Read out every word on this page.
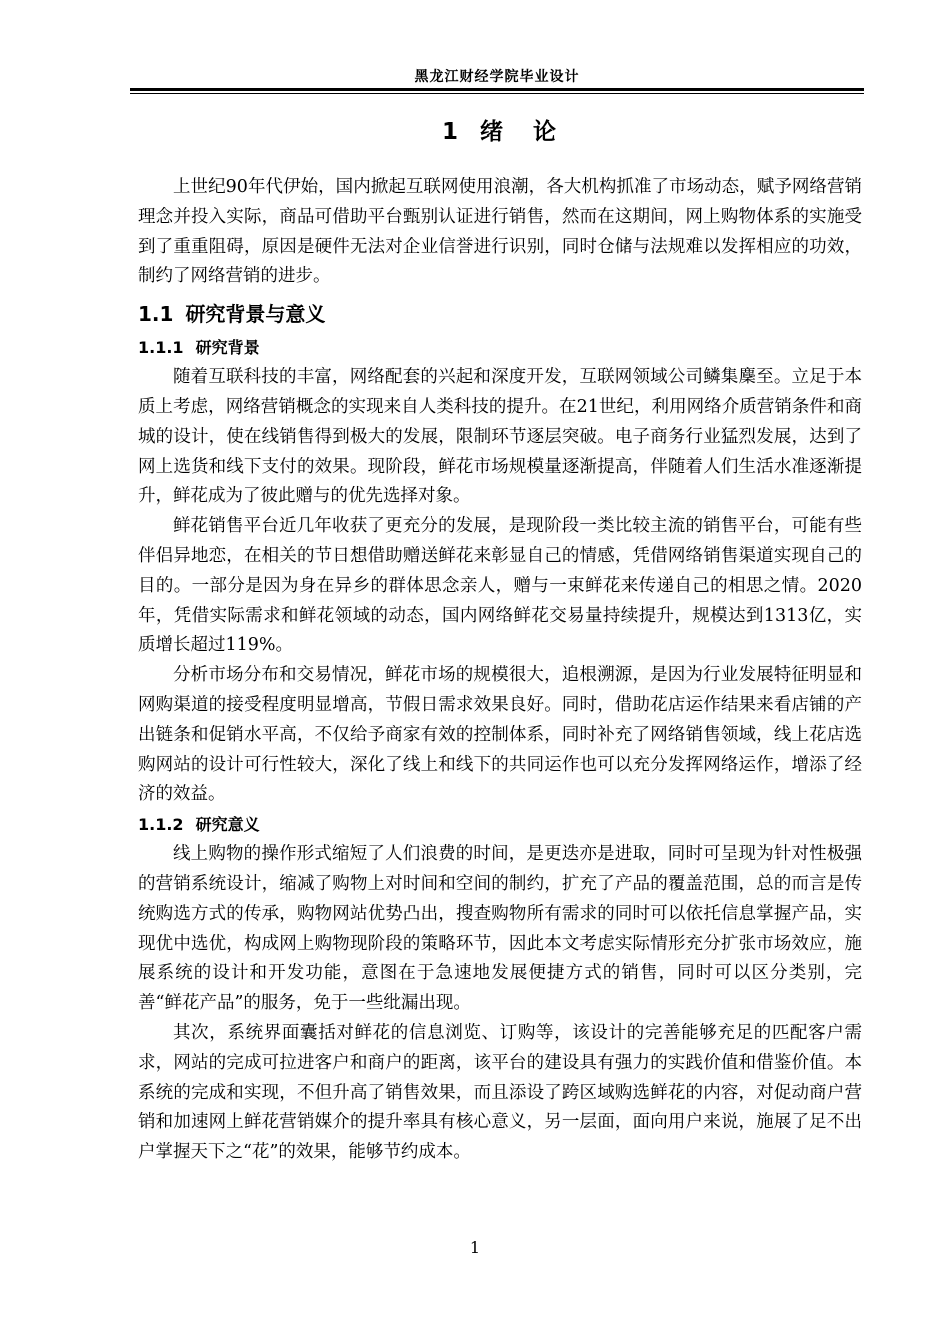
黑龙江财经学院毕业设计
1 绪 论

上世纪90年代伊始，国内掀起互联网使用浪潮，各大机构抓准了市场动态，赋予网络营销理念并投入实际，商品可借助平台甄别认证进行销售，然而在这期间，网上购物体系的实施受到了重重阻碍，原因是硬件无法对企业信誉进行识别，同时仓储与法规难以发挥相应的功效，制约了网络营销的进步。

1.1 研究背景与意义
1.1.1 研究背景

随着互联科技的丰富，网络配套的兴起和深度开发，互联网领域公司鳞集麇至。立足于本质上考虑，网络营销概念的实现来自人类科技的提升。在21世纪，利用网络介质营销条件和商城的设计，使在线销售得到极大的发展，限制环节逐层突破。电子商务行业猛烈发展，达到了网上选货和线下支付的效果。现阶段，鲜花市场规模量逐渐提高，伴随着人们生活水准逐渐提升，鲜花成为了彼此赠与的优先选择对象。

鲜花销售平台近几年收获了更充分的发展，是现阶段一类比较主流的销售平台，可能有些伴侣异地恋，在相关的节日想借助赠送鲜花来彰显自己的情感，凭借网络销售渠道实现自己的目的。一部分是因为身在异乡的群体思念亲人，赠与一束鲜花来传递自己的相思之情。2020年，凭借实际需求和鲜花领域的动态，国内网络鲜花交易量持续提升，规模达到1313亿，实质增长超过119%。

分析市场分布和交易情况，鲜花市场的规模很大，追根溯源，是因为行业发展特征明显和网购渠道的接受程度明显增高，节假日需求效果良好。同时，借助花店运作结果来看店铺的产出链条和促销水平高，不仅给予商家有效的控制体系，同时补充了网络销售领域，线上花店选购网站的设计可行性较大，深化了线上和线下的共同运作也可以充分发挥网络运作，增添了经济的效益。

1.1.2 研究意义

线上购物的操作形式缩短了人们浪费的时间，是更迭亦是进取，同时可呈现为针对性极强的营销系统设计，缩减了购物上对时间和空间的制约，扩充了产品的覆盖范围，总的而言是传统购选方式的传承，购物网站优势凸出，搜查购物所有需求的同时可以依托信息掌握产品，实现优中选优，构成网上购物现阶段的策略环节，因此本文考虑实际情形充分扩张市场效应，施展系统的设计和开发功能，意图在于急速地发展便捷方式的销售，同时可以区分类别，完善“鲜花产品”的服务，免于一些纰漏出现。

其次，系统界面囊括对鲜花的信息浏览、订购等，该设计的完善能够充足的匹配客户需求，网站的完成可拉进客户和商户的距离，该平台的建设具有强力的实践价值和借鉴价值。本系统的完成和实现，不但升高了销售效果，而且添设了跨区域购选鲜花的内容，对促动商户营销和加速网上鲜花营销媒介的提升率具有核心意义，另一层面，面向用户来说，施展了足不出户掌握天下之“花”的效果，能够节约成本。

1
